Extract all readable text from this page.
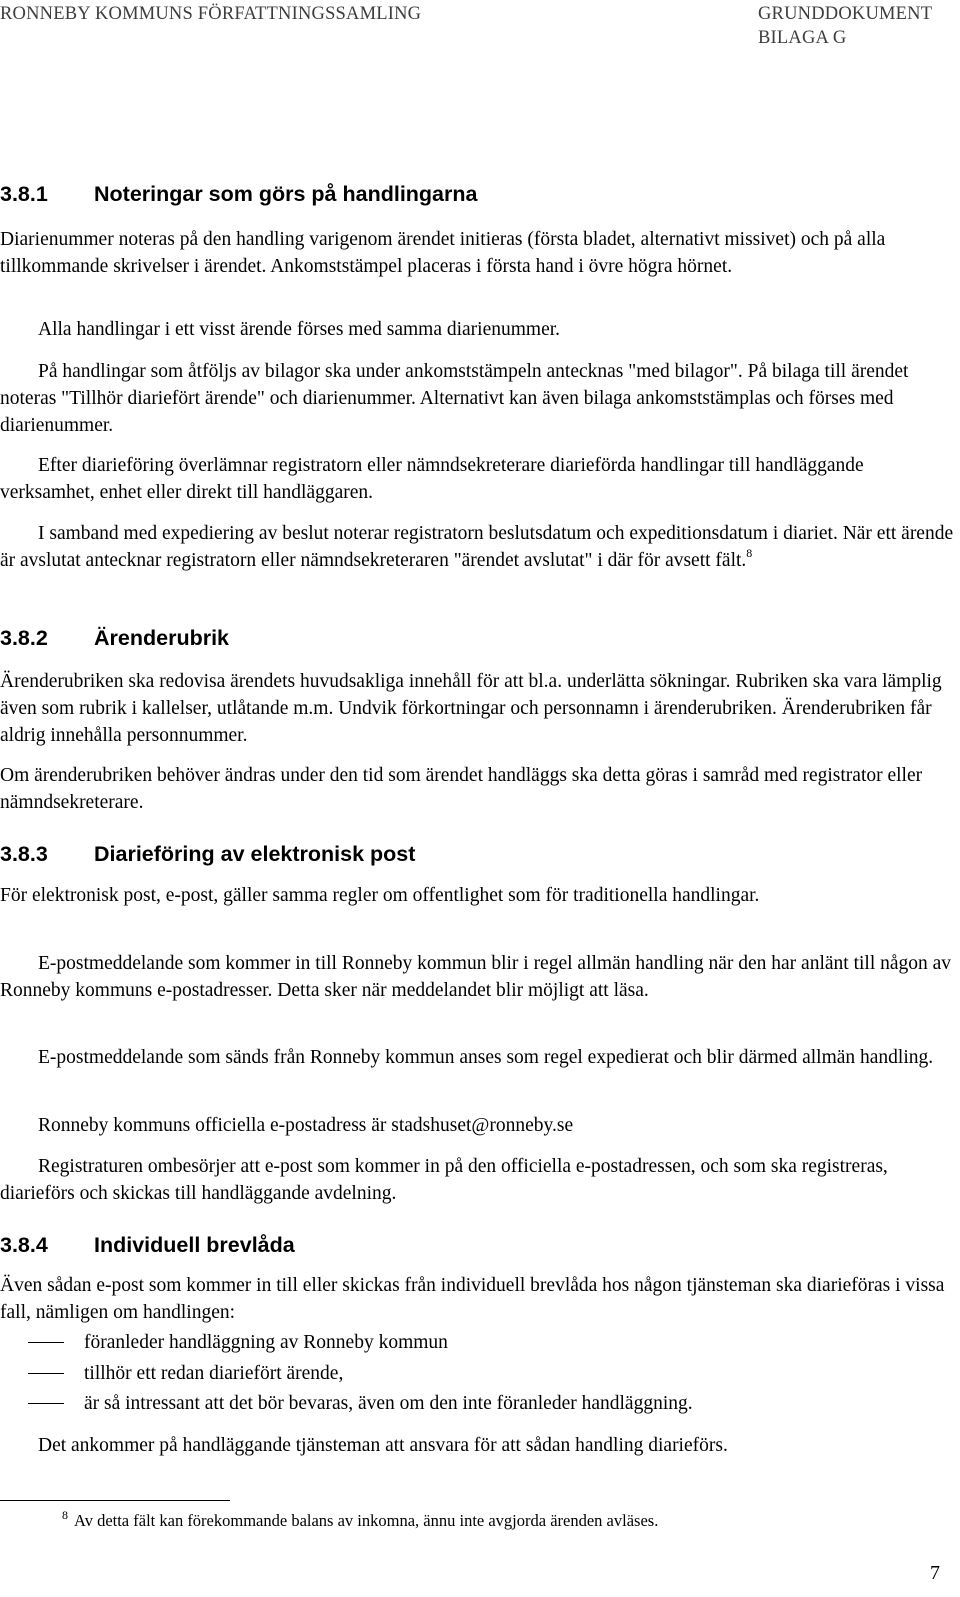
RONNEBY KOMMUNS FÖRFATTNINGSSAMLING	GRUNDDOKUMENT
BILAGA G
3.8.1 Noteringar som görs på handlingarna
Diarienummer noteras på den handling varigenom ärendet initieras (första bladet, alternativt missivet) och på alla tillkommande skrivelser i ärendet. Ankomststämpel placeras i första hand i övre högra hörnet.
Alla handlingar i ett visst ärende förses med samma diarienummer.
På handlingar som åtföljs av bilagor ska under ankomststämpeln antecknas "med bilagor". På bilaga till ärendet noteras "Tillhör diariefört ärende" och diarienummer. Alternativt kan även bilaga ankomststämplas och förses med diarienummer.
Efter diarieföring överlämnar registratorn eller nämndsekreterare diarieförda handlingar till handläggande verksamhet, enhet eller direkt till handläggaren.
I samband med expediering av beslut noterar registratorn beslutsdatum och expeditionsdatum i diariet. När ett ärende är avslutat antecknar registratorn eller nämndsekreteraren "ärendet avslutat" i där för avsett fält.$^8$
3.8.2 Ärenderubrik
Ärenderubriken ska redovisa ärendets huvudsakliga innehåll för att bl.a. underlätta sökningar. Rubriken ska vara lämplig även som rubrik i kallelser, utlåtande m.m. Undvik förkortningar och personnamn i ärenderubriken. Ärenderubriken får aldrig innehålla personnummer.
Om ärenderubriken behöver ändras under den tid som ärendet handläggs ska detta göras i samråd med registrator eller nämndsekreterare.
3.8.3 Diarieföring av elektronisk post
För elektronisk post, e-post, gäller samma regler om offentlighet som för traditionella handlingar.
E-postmeddelande som kommer in till Ronneby kommun blir i regel allmän handling när den har anlänt till någon av Ronneby kommuns e-postadresser. Detta sker när meddelandet blir möjligt att läsa.
E-postmeddelande som sänds från Ronneby kommun anses som regel expedierat och blir därmed allmän handling.
Ronneby kommuns officiella e-postadress är stadshuset@ronneby.se
Registraturen ombesörjer att e-post som kommer in på den officiella e-postadressen, och som ska registreras, diarieförs och skickas till handläggande avdelning.
3.8.4 Individuell brevlåda
Även sådan e-post som kommer in till eller skickas från individuell brevlåda hos någon tjänsteman ska diarieföras i vissa fall, nämligen om handlingen:
föranleder handläggning av Ronneby kommun
tillhör ett redan diariefört ärende,
är så intressant att det bör bevaras, även om den inte föranleder handläggning.
Det ankommer på handläggande tjänsteman att ansvara för att sådan handling diarieförs.
$^8$ Av detta fält kan förekommande balans av inkomna, ännu inte avgjorda ärenden avläses.
7
